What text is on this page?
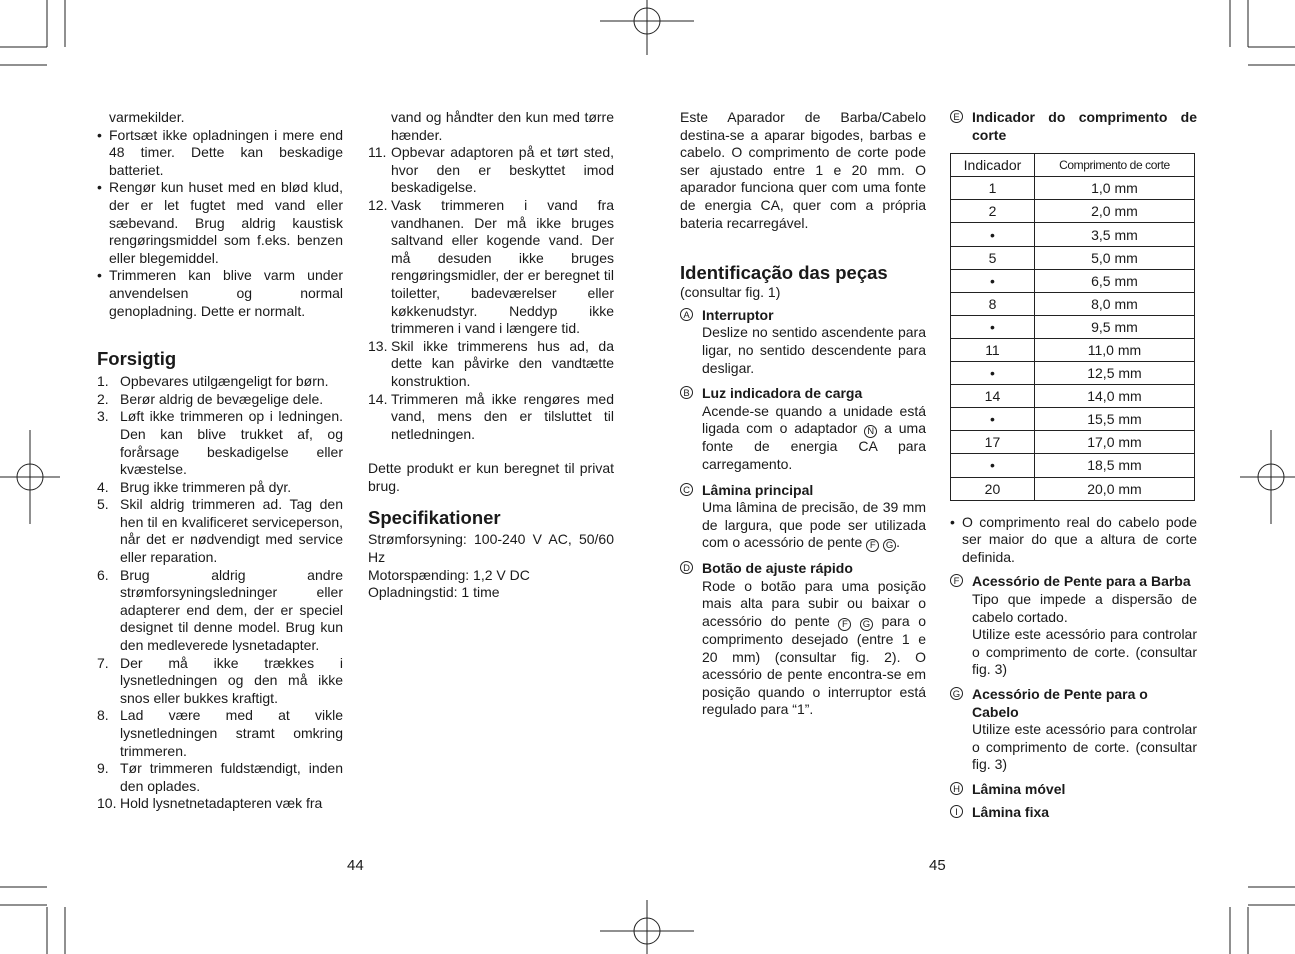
varmekilder.

• Fortsæt ikke opladningen i mere end 48 timer. Dette kan beskadige batteriet.

• Rengør kun huset med en blød klud, der er let fugtet med vand eller sæbevand. Brug aldrig kaustisk rengøringsmiddel som f.eks. benzen eller blegemiddel.

• Trimmeren kan blive varm under anvendelsen og normal genopladning. Dette er normalt.

Forsigtig

1. Opbevares utilgængeligt for børn.

2. Berør aldrig de bevægelige dele.

3. Løft ikke trimmeren op i ledningen. Den kan blive trukket af, og forårsage beskadigelse eller kvæstelse.

4. Brug ikke trimmeren på dyr.

5. Skil aldrig trimmeren ad. Tag den hen til en kvalificeret serviceperson, når det er nødvendigt med service eller reparation.

6. Brug aldrig andre strømforsyningsledninger eller adapterer end dem, der er speciel designet til denne model. Brug kun den medleverede lysnetadapter.

7. Der må ikke trækkes i lysnetledningen og den må ikke snos eller bukkes kraftigt.

8. Lad være med at vikle lysnetledningen stramt omkring trimmeren.

9. Tør trimmeren fuldstændigt, inden den oplades.

10. Hold lysnetnetadapteren væk fra

vand og håndter den kun med tørre hænder.

11. Opbevar adaptoren på et tørt sted, hvor den er beskyttet imod beskadigelse.

12. Vask trimmeren i vand fra vandhanen. Der må ikke bruges saltvand eller kogende vand. Der må desuden ikke bruges rengøringsmidler, der er beregnet til toiletter, badeværelser eller køkkenudstyr. Neddyp ikke trimmeren i vand i længere tid.

13. Skil ikke trimmerens hus ad, da dette kan påvirke den vandtætte konstruktion.

14. Trimmeren må ikke rengøres med vand, mens den er tilsluttet til netledningen.

Dette produkt er kun beregnet til privat brug.

Specifikationer

Strømforsyning: 100-240 V AC, 50/60 Hz

Motorspænding: 1,2 V DC

Opladningstid: 1 time

Este Aparador de Barba/Cabelo destina-se a aparar bigodes, barbas e cabelo. O comprimento de corte pode ser ajustado entre 1 e 20 mm. O aparador funciona quer com uma fonte de energia CA, quer com a própria bateria recarregável.

Identificação das peças

(consultar fig. 1)

A Interruptor

Deslize no sentido ascendente para ligar, no sentido descendente para desligar.

B Luz indicadora de carga

Acende-se quando a unidade está ligada com o adaptador N a uma fonte de energia CA para carregamento.

C Lâmina principal

Uma lâmina de precisão, de 39 mm de largura, que pode ser utilizada com o acessório de pente F G .

D Botão de ajuste rápido

Rode o botão para uma posição mais alta para subir ou baixar o acessório do pente F G para o comprimento desejado (entre 1 e 20 mm) (consultar fig. 2). O acessório de pente encontra-se em posição quando o interruptor está regulado para “1”.

E Indicador do comprimento de corte
Indicador	Comprimento de corte
1	1,0 mm
2	2,0 mm
•	3,5 mm
5	5,0 mm
•	6,5 mm
8	8,0 mm
•	9,5 mm
11	11,0 mm
•	12,5 mm
14	14,0 mm
•	15,5 mm
17	17,0 mm
•	18,5 mm
20	20,0 mm

• O comprimento real do cabelo pode ser maior do que a altura de corte definida.

F Acessório de Pente para a Barba

Tipo que impede a dispersão de cabelo cortado.

Utilize este acessório para controlar o comprimento de corte. (consultar fig. 3)

G Acessório de Pente para o Cabelo

Utilize este acessório para controlar o comprimento de corte. (consultar fig. 3)

H Lâmina móvel
I	Lâmina fixa
44	45
